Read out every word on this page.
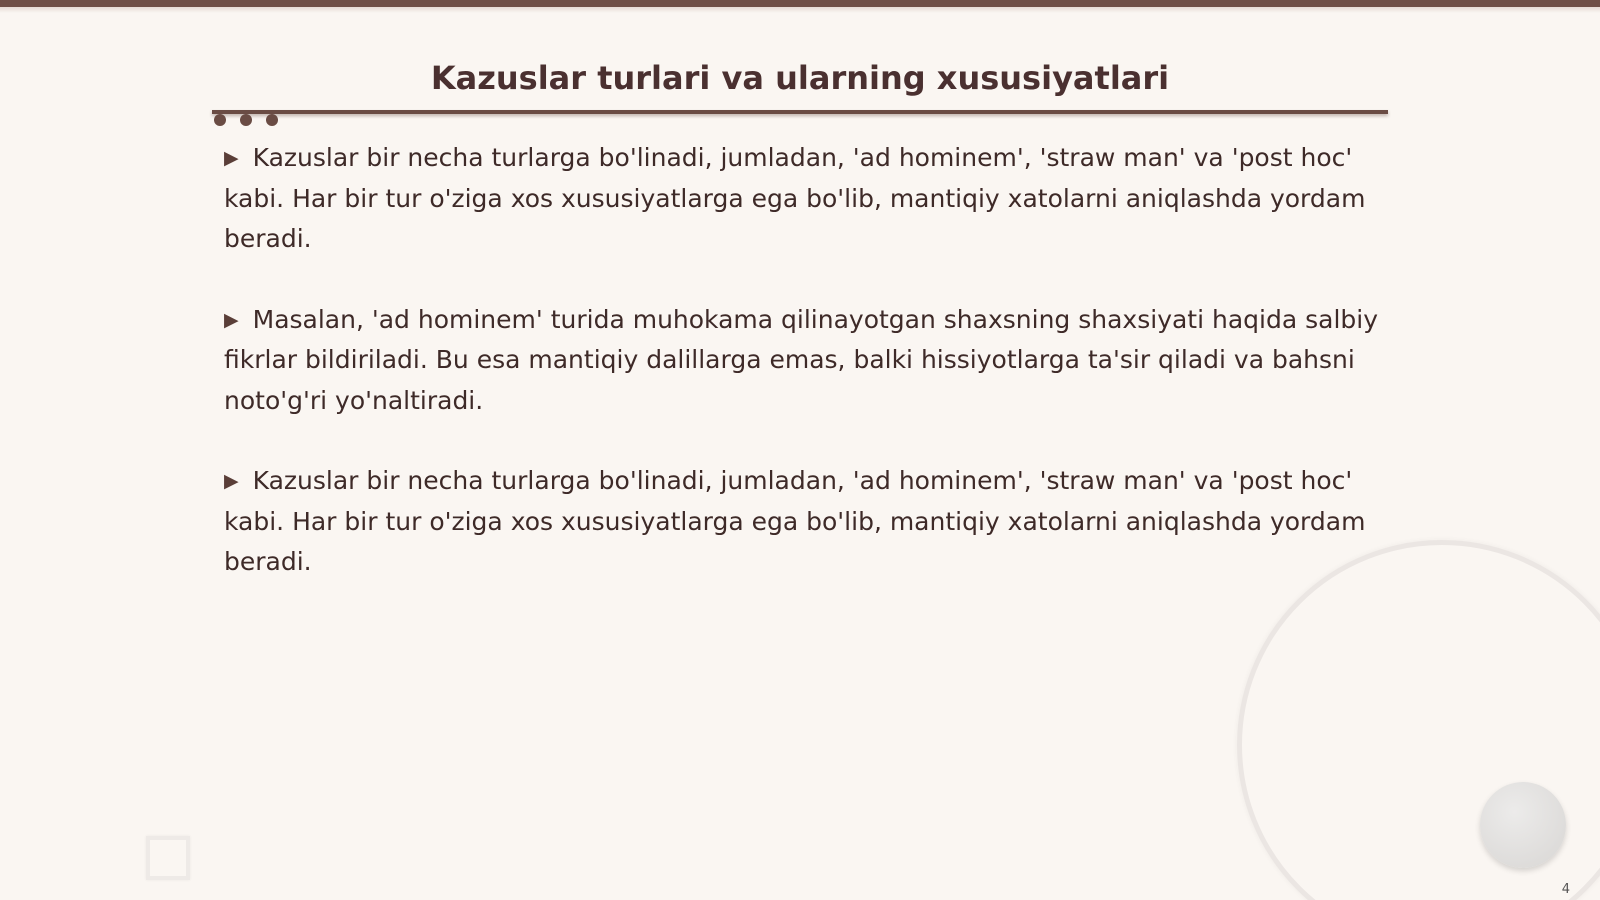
Kazuslar turlari va ularning xususiyatlari

▶ Kazuslar bir necha turlarga bo'linadi, jumladan, 'ad hominem', 'straw man' va 'post hoc' kabi. Har bir tur o'ziga xos xususiyatlarga ega bo'lib, mantiqiy xatolarni aniqlashda yordam beradi.

▶ Masalan, 'ad hominem' turida muhokama qilinayotgan shaxsning shaxsiyati haqida salbiy fikrlar bildiriladi. Bu esa mantiqiy dalillarga emas, balki hissiyotlarga ta'sir qiladi va bahsni noto'g'ri yo'naltiradi.

▶ Kazuslar bir necha turlarga bo'linadi, jumladan, 'ad hominem', 'straw man' va 'post hoc' kabi. Har bir tur o'ziga xos xususiyatlarga ega bo'lib, mantiqiy xatolarni aniqlashda yordam beradi.

4
